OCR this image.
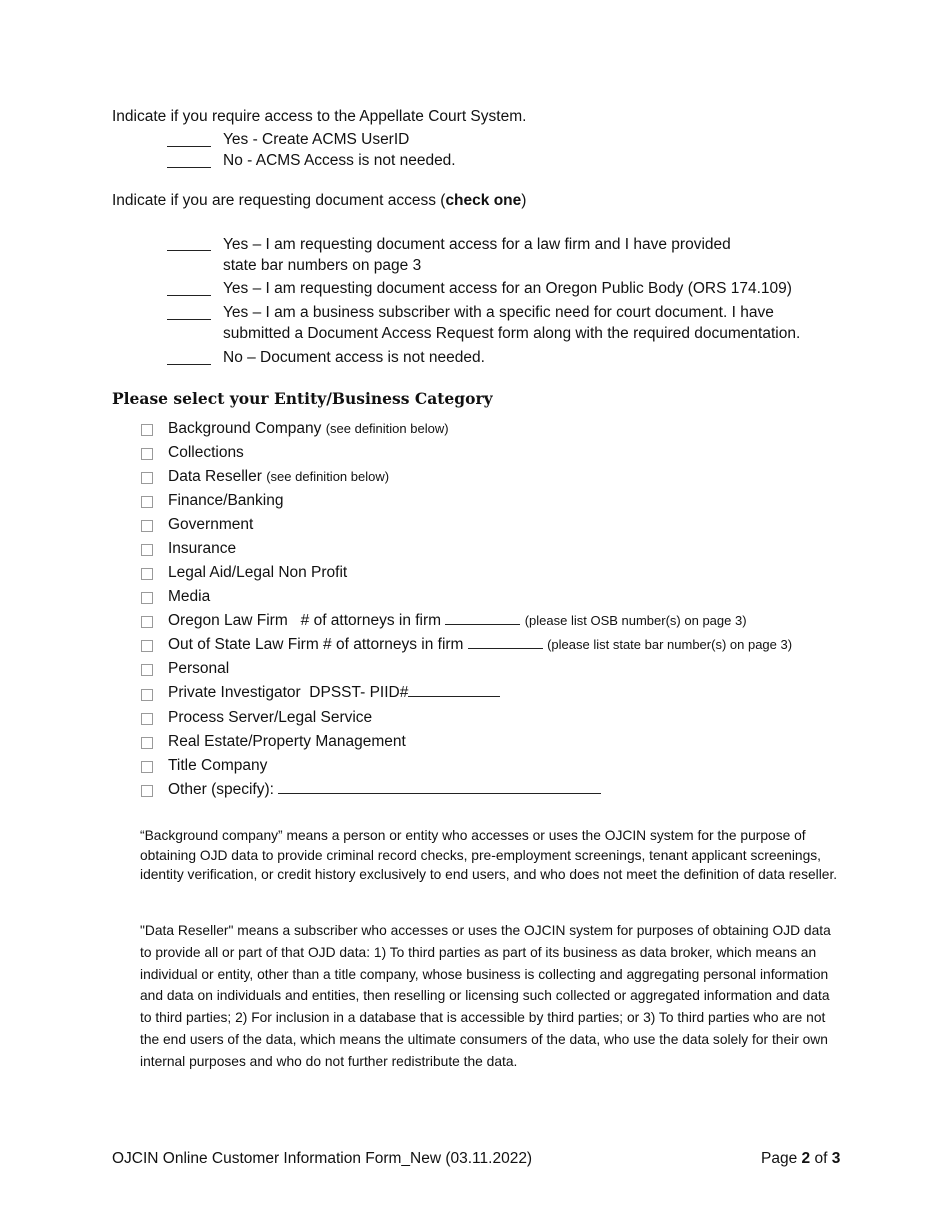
Indicate if you require access to the Appellate Court System.
Yes - Create ACMS UserID
No - ACMS Access is not needed.
Indicate if you are requesting document access (check one)
Yes – I am requesting document access for a law firm and I have provided
state bar numbers on page 3
Yes – I am requesting document access for an Oregon Public Body (ORS 174.109)
Yes – I am a business subscriber with a specific need for court document. I have
submitted a Document Access Request form along with the required documentation.
No – Document access is not needed.
Please select your Entity/Business Category
Background Company (see definition below)
Collections
Data Reseller (see definition below)
Finance/Banking
Government
Insurance
Legal Aid/Legal Non Profit
Media
Oregon Law Firm   # of attorneys in firm	(please list OSB number(s) on page 3)
Out of State Law Firm # of attorneys in firm	(please list state bar number(s) on page 3)
Personal
Private Investigator  DPSST- PIID#
Process Server/Legal Service
Real Estate/Property Management
Title Company
Other (specify):
“Background company” means a person or entity who accesses or uses the OJCIN system for the purpose of obtaining OJD data to provide criminal record checks, pre-employment screenings, tenant applicant screenings, identity verification, or credit history exclusively to end users, and who does not meet the definition of data reseller.
"Data Reseller" means a subscriber who accesses or uses the OJCIN system for purposes of obtaining OJD data to provide all or part of that OJD data: 1) To third parties as part of its business as data broker, which means an individual or entity, other than a title company, whose business is collecting and aggregating personal information and data on individuals and entities, then reselling or licensing such collected or aggregated information and data to third parties; 2) For inclusion in a database that is accessible by third parties; or 3) To third parties who are not the end users of the data, which means the ultimate consumers of the data, who use the data solely for their own internal purposes and who do not further redistribute the data.
OJCIN Online Customer Information Form_New (03.11.2022)	Page 2 of 3
